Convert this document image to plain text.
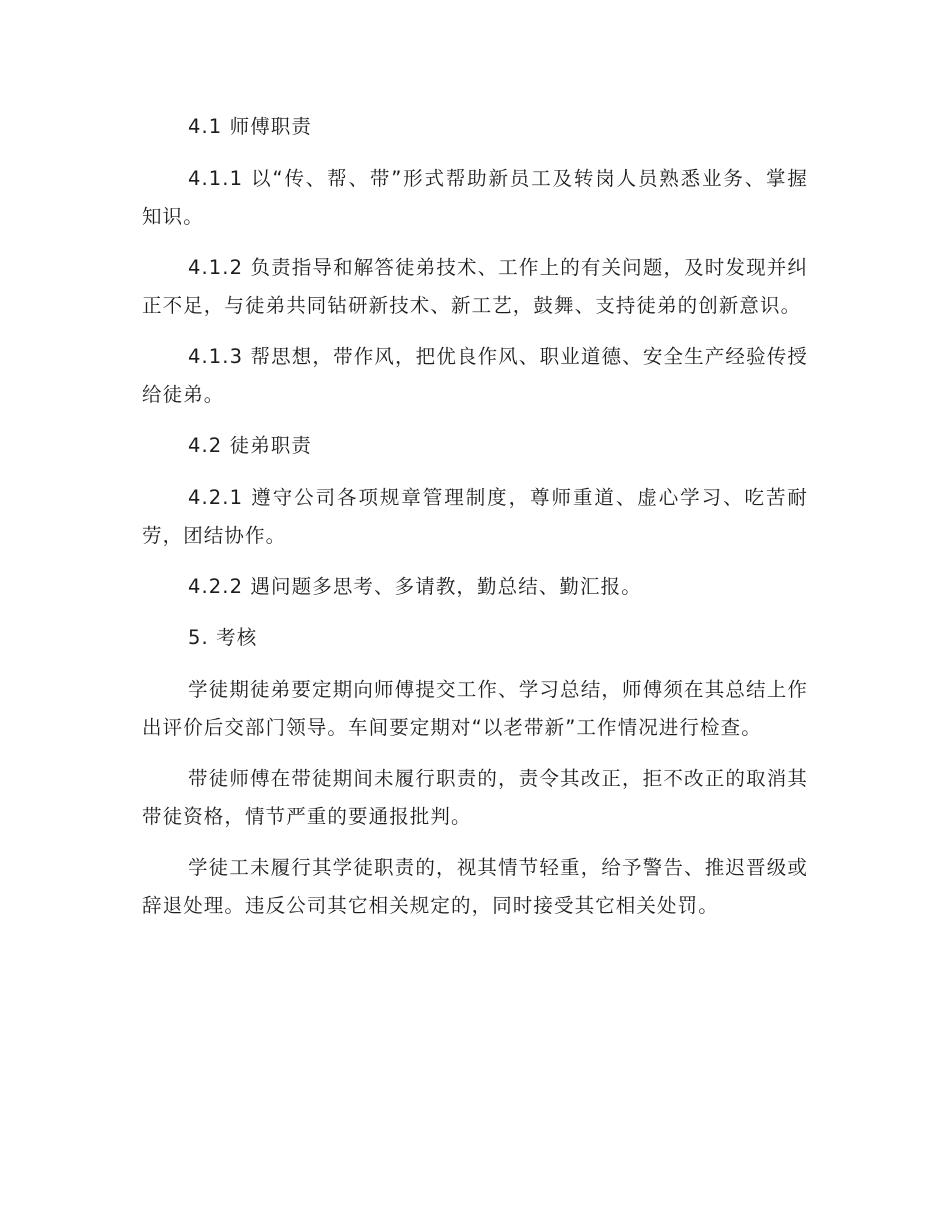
4.1 师傅职责

4.1.1 以“传、帮、带”形式帮助新员工及转岗人员熟悉业务、掌握知识。

4.1.2 负责指导和解答徒弟技术、工作上的有关问题，及时发现并纠正不足，与徒弟共同钻研新技术、新工艺，鼓舞、支持徒弟的创新意识。

4.1.3 帮思想，带作风，把优良作风、职业道德、安全生产经验传授给徒弟。

4.2 徒弟职责

4.2.1 遵守公司各项规章管理制度，尊师重道、虚心学习、吃苦耐劳，团结协作。

4.2.2 遇问题多思考、多请教，勤总结、勤汇报。

5. 考核

学徒期徒弟要定期向师傅提交工作、学习总结，师傅须在其总结上作出评价后交部门领导。车间要定期对“以老带新”工作情况进行检查。

带徒师傅在带徒期间未履行职责的，责令其改正，拒不改正的取消其带徒资格，情节严重的要通报批判。

学徒工未履行其学徒职责的，视其情节轻重，给予警告、推迟晋级或辞退处理。违反公司其它相关规定的，同时接受其它相关处罚。
